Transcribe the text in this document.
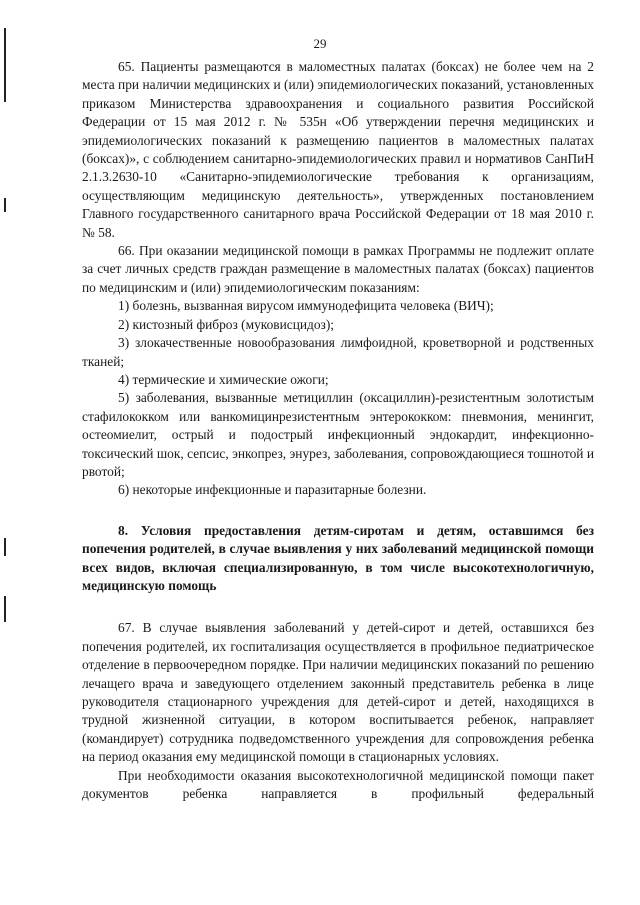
29

65. Пациенты размещаются в маломестных палатах (боксах) не более чем на 2 места при наличии медицинских и (или) эпидемиологических показаний, установленных приказом Министерства здравоохранения и социального развития Российской Федерации от 15 мая 2012 г. № 535н «Об утверждении перечня медицинских и эпидемиологических показаний к размещению пациентов в маломестных палатах (боксах)», с соблюдением санитарно-эпидемиологических правил и нормативов СанПиН 2.1.3.2630-10 «Санитарно-эпидемиологические требования к организациям, осуществляющим медицинскую деятельность», утвержденных постановлением Главного государственного санитарного врача Российской Федерации от 18 мая 2010 г. № 58.

66. При оказании медицинской помощи в рамках Программы не подлежит оплате за счет личных средств граждан размещение в маломестных палатах (боксах) пациентов по медицинским и (или) эпидемиологическим показаниям:

1) болезнь, вызванная вирусом иммунодефицита человека (ВИЧ);

2) кистозный фиброз (муковисцидоз);

3) злокачественные новообразования лимфоидной, кроветворной и родственных тканей;

4) термические и химические ожоги;

5) заболевания, вызванные метициллин (оксациллин)-резистентным золотистым стафилококком или ванкомицинрезистентным энтерококком: пневмония, менингит, остеомиелит, острый и подострый инфекционный эндокардит, инфекционно-токсический шок, сепсис, энкопрез, энурез, заболевания, сопровождающиеся тошнотой и рвотой;

6) некоторые инфекционные и паразитарные болезни.

8. Условия предоставления детям-сиротам и детям, оставшимся без попечения родителей, в случае выявления у них заболеваний медицинской помощи всех видов, включая специализированную, в том числе высокотехнологичную, медицинскую помощь

67. В случае выявления заболеваний у детей-сирот и детей, оставшихся без попечения родителей, их госпитализация осуществляется в профильное педиатрическое отделение в первоочередном порядке. При наличии медицинских показаний по решению лечащего врача и заведующего отделением законный представитель ребенка в лице руководителя стационарного учреждения для детей-сирот и детей, находящихся в трудной жизненной ситуации, в котором воспитывается ребенок, направляет (командирует) сотрудника подведомственного учреждения для сопровождения ребенка на период оказания ему медицинской помощи в стационарных условиях.

При необходимости оказания высокотехнологичной медицинской помощи пакет документов ребенка направляется в профильный федеральный
